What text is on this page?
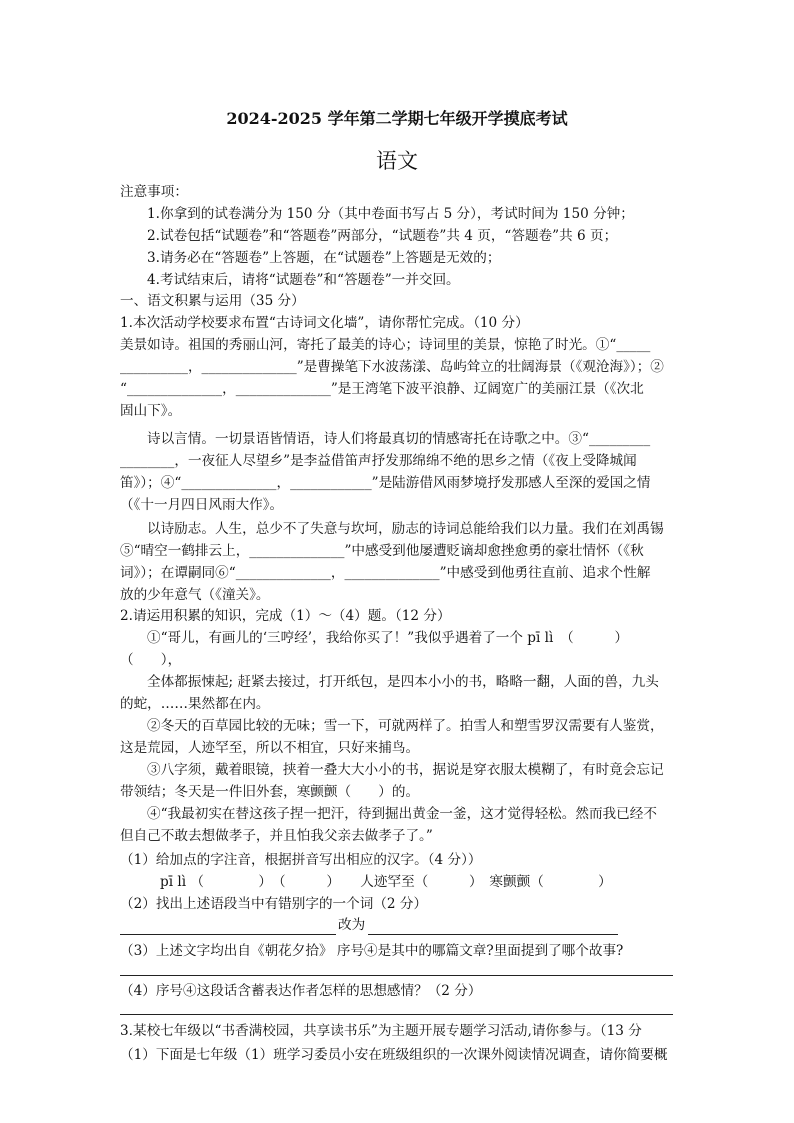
2024-2025 学年第二学期七年级开学摸底考试
语文
注意事项：
1.你拿到的试卷满分为 150 分（其中卷面书写占 5 分），考试时间为 150 分钟；
2.试卷包括“试题卷”和“答题卷”两部分，“试题卷”共 4 页，“答题卷”共 6 页；
3.请务必在“答题卷”上答题，在“试题卷”上答题是无效的；
4.考试结束后，请将“试题卷”和“答题卷”一并交回。
一、语文积累与运用（35 分）
1.本次活动学校要求布置“古诗词文化墙”，请你帮忙完成。（10 分）
美景如诗。祖国的秀丽山河，寄托了最美的诗心；诗词里的美景，惊艳了时光。①“_____
__________，______________”是曹操笔下水波荡漾、岛屿耸立的壮阔海景（《观沧海》）；②
“______________，______________”是王湾笔下波平浪静、辽阔宽广的美丽江景（《次北
固山下》。
诗以言情。一切景语皆情语，诗人们将最真切的情感寄托在诗歌之中。③“_________
________，一夜征人尽望乡”是李益借笛声抒发那绵绵不绝的思乡之情（《夜上受降城闻
笛》）；④“______________，____________”是陆游借风雨梦境抒发那感人至深的爱国之情
（《十一月四日风雨大作》。
以诗励志。人生，总少不了失意与坎坷，励志的诗词总能给我们以力量。我们在刘禹锡
⑤“晴空一鹤排云上，______________”中感受到他屡遭贬谪却愈挫愈勇的豪壮情怀（《秋
词》）；在谭嗣同⑥“______________，______________”中感受到他勇往直前、追求个性解
放的少年意气（《潼关》。
2.请运用积累的知识，完成（1）～（4）题。（12 分）
①“哥儿，有画儿的‘三哼经’，我给你买了！”我似乎遇着了一个 pī lì　（　　　）
（　　），
全体都振悚起; 赶紧去接过，打开纸包，是四本小小的书，略略一翻，人面的兽，九头
的蛇，……果然都在内。
②冬天的百草园比较的无味；雪一下，可就两样了。拍雪人和塑雪罗汉需要有人鉴赏，
这是荒园，人迹罕至，所以不相宜，只好来捕鸟。
③八字须，戴着眼镜，挟着一叠大大小小的书，据说是穿衣服太模糊了，有时竟会忘记
带领结；冬天是一件旧外套，寒颤颤（　　）的。
④“我最初实在替这孩子捏一把汗，待到掘出黄金一釜，这才觉得轻松。然而我已经不
但自己不敢去想做孝子，并且怕我父亲去做孝子了。”
（1）给加点的字注音，根据拼音写出相应的汉字。（4 分））
pī lì （　　　　）　（　　　）　　人迹罕至（　　　）　寒颤颤（　　　　）
（2）找出上述语段当中有错别字的一个词（2 分）
改为
（3）上述文字均出自《朝花夕拾》 序号④是其中的哪篇文章?里面提到了哪个故事?
（4）序号④这段话含蓄表达作者怎样的思想感情？（2 分）
3.某校七年级以“书香满校园，共享读书乐”为主题开展专题学习活动,请你参与。（13 分
（1）下面是七年级（1）班学习委员小安在班级组织的一次课外阅读情况调查，请你简要概
